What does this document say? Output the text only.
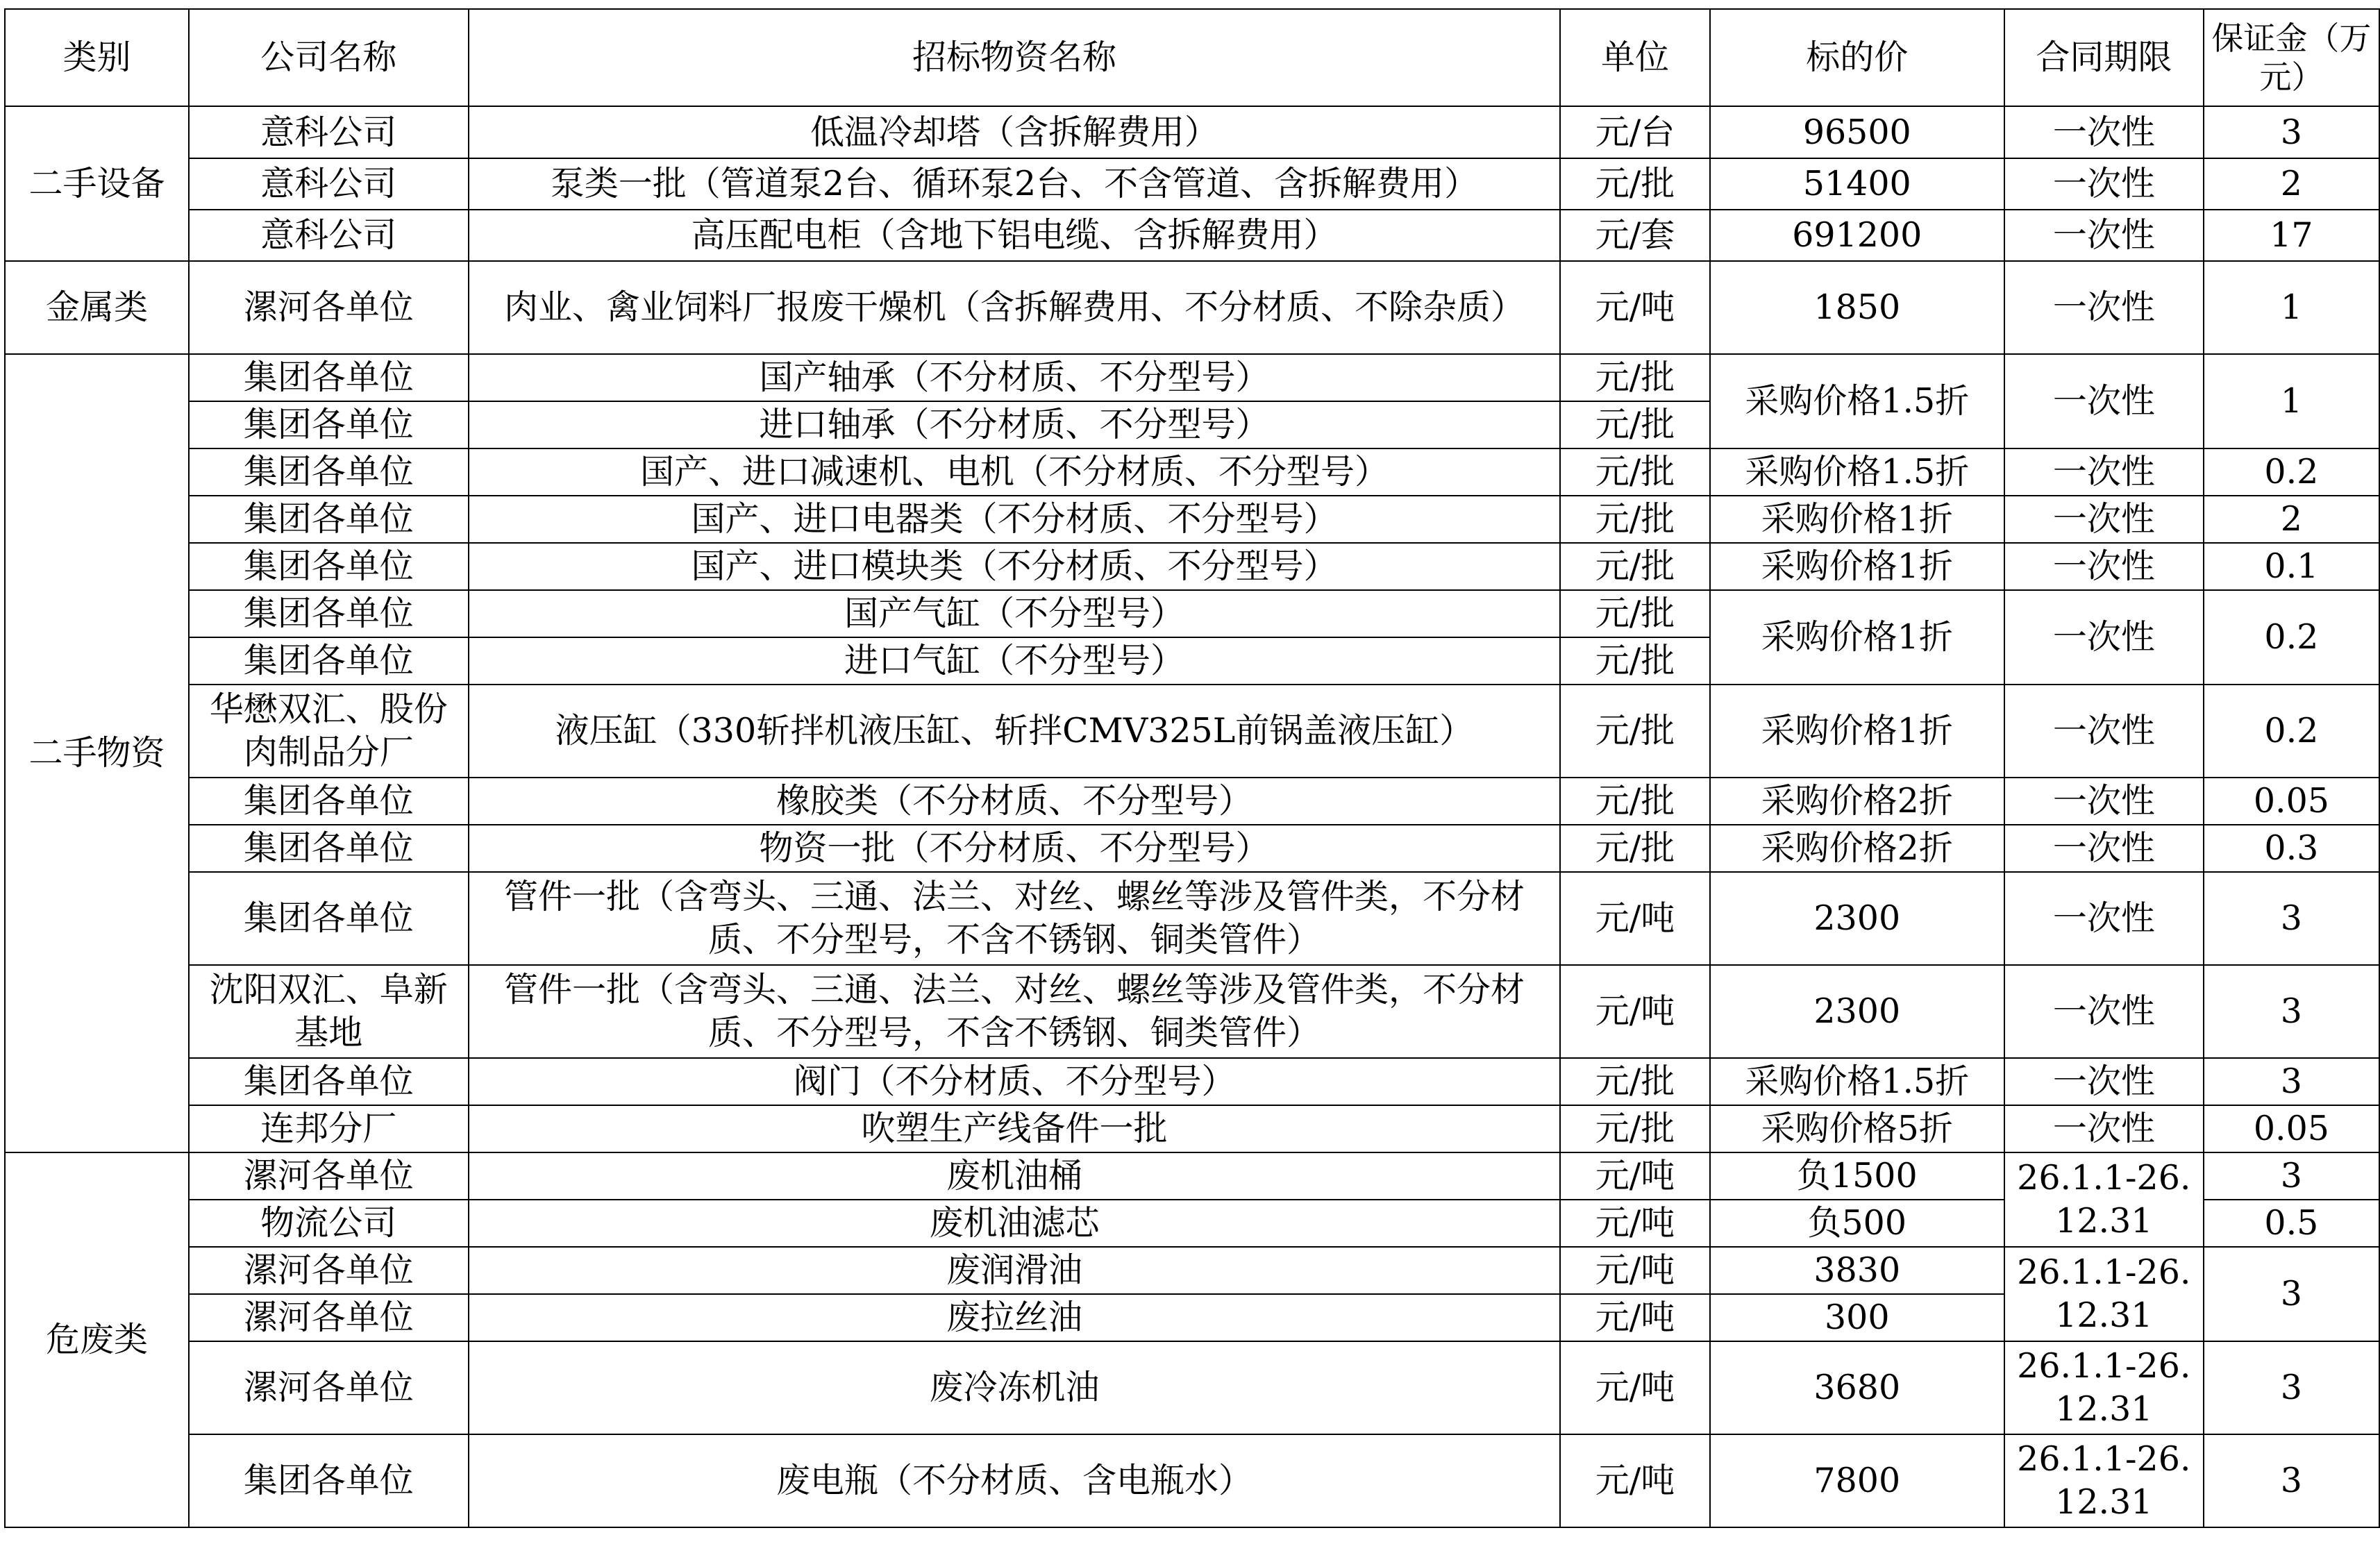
类别	公司名称	招标物资名称	单位	标的价	合同期限	保证金（万元）
二手设备	意科公司	低温冷却塔（含拆解费用）	元/台	96500	一次性	3
	意科公司	泵类一批（管道泵2台、循环泵2台、不含管道、含拆解费用）	元/批	51400	一次性	2
	意科公司	高压配电柜（含地下铝电缆、含拆解费用）	元/套	691200	一次性	17
金属类	漯河各单位	肉业、禽业饲料厂报废干燥机（含拆解费用、不分材质、不除杂质）	元/吨	1850	一次性	1
二手物资	集团各单位	国产轴承（不分材质、不分型号）	元/批	采购价格1.5折	一次性	1
	集团各单位	进口轴承（不分材质、不分型号）	元/批			
	集团各单位	国产、进口减速机、电机（不分材质、不分型号）	元/批	采购价格1.5折	一次性	0.2
	集团各单位	国产、进口电器类（不分材质、不分型号）	元/批	采购价格1折	一次性	2
	集团各单位	国产、进口模块类（不分材质、不分型号）	元/批	采购价格1折	一次性	0.1
	集团各单位	国产气缸（不分型号）	元/批	采购价格1折	一次性	0.2
	集团各单位	进口气缸（不分型号）	元/批			
	华懋双汇、股份肉制品分厂	液压缸（330斩拌机液压缸、斩拌CMV325L前锅盖液压缸）	元/批	采购价格1折	一次性	0.2
	集团各单位	橡胶类（不分材质、不分型号）	元/批	采购价格2折	一次性	0.05
	集团各单位	物资一批（不分材质、不分型号）	元/批	采购价格2折	一次性	0.3
	集团各单位	管件一批（含弯头、三通、法兰、对丝、螺丝等涉及管件类，不分材质、不分型号，不含不锈钢、铜类管件）	元/吨	2300	一次性	3
	沈阳双汇、阜新基地	管件一批（含弯头、三通、法兰、对丝、螺丝等涉及管件类，不分材质、不分型号，不含不锈钢、铜类管件）	元/吨	2300	一次性	3
	集团各单位	阀门（不分材质、不分型号）	元/批	采购价格1.5折	一次性	3
	连邦分厂	吹塑生产线备件一批	元/批	采购价格5折	一次性	0.05
危废类	漯河各单位	废机油桶	元/吨	负1500	26.1.1-26.12.31	3
	物流公司	废机油滤芯	元/吨	负500		0.5
	漯河各单位	废润滑油	元/吨	3830	26.1.1-26.12.31	3
	漯河各单位	废拉丝油	元/吨	300		
	漯河各单位	废冷冻机油	元/吨	3680	26.1.1-26.12.31	3
	集团各单位	废电瓶（不分材质、含电瓶水）	元/吨	7800	26.1.1-26.12.31	3
